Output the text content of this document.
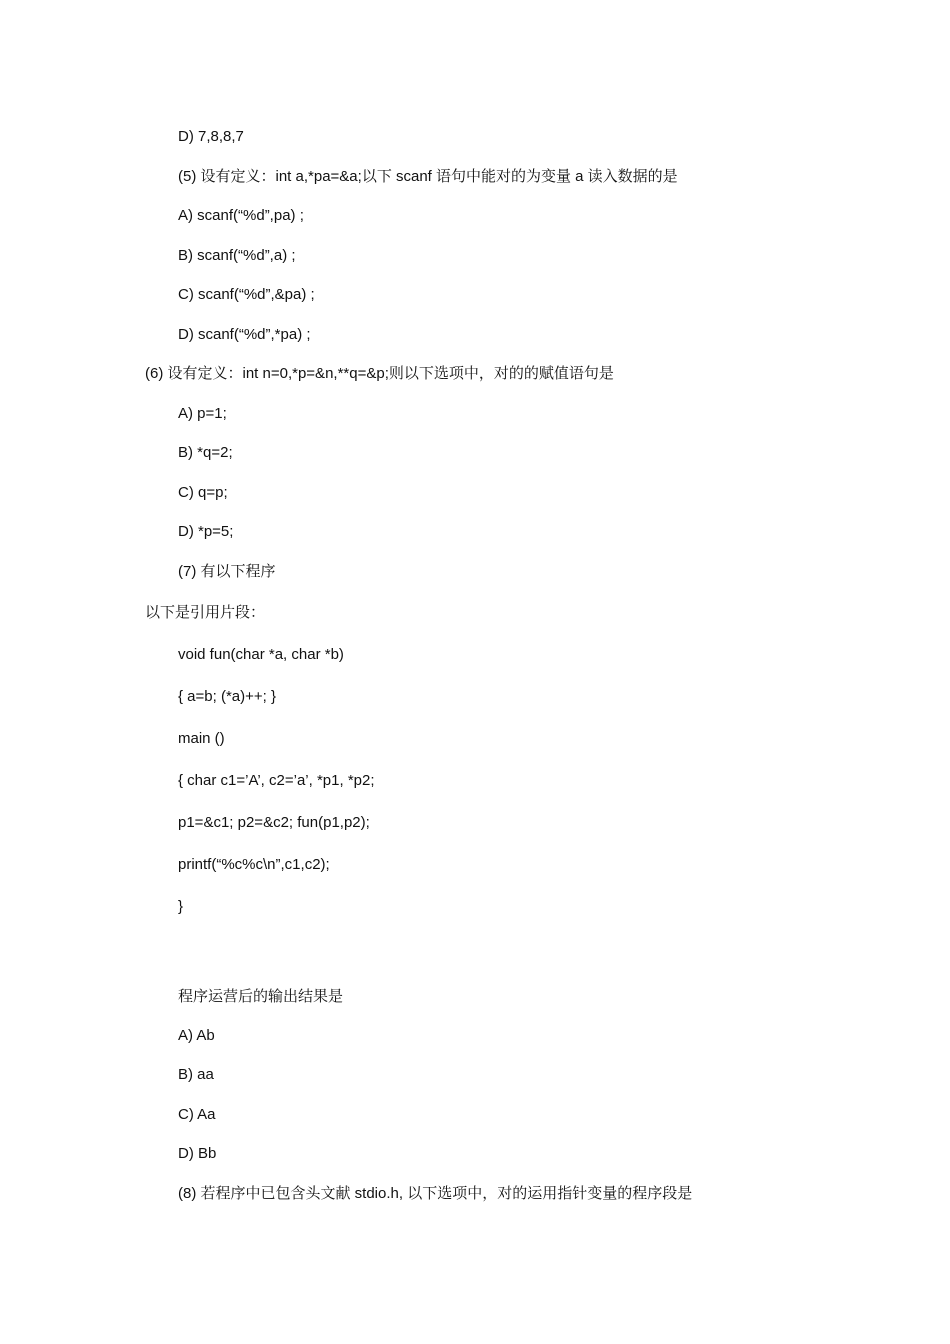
D) 7,8,8,7
(5) 设有定义：int a,*pa=&a;以下 scanf 语句中能对的为变量 a 读入数据的是
A) scanf(“%d”,pa) ;
B) scanf(“%d”,a) ;
C) scanf(“%d”,&pa) ;
D) scanf(“%d”,*pa) ;
(6) 设有定义：int n=0,*p=&n,**q=&p;则以下选项中，对的的赋值语句是
A) p=1;
B) *q=2;
C) q=p;
D) *p=5;
(7) 有以下程序
以下是引用片段：
void fun(char *a, char *b)
{ a=b; (*a)++; }
main ()
{ char c1=’A’, c2=’a’, *p1, *p2;
p1=&c1; p2=&c2; fun(p1,p2);
printf(“%c%c\n”,c1,c2);
}
程序运营后的输出结果是
A) Ab
B) aa
C) Aa
D) Bb
(8) 若程序中已包含头文献 stdio.h, 以下选项中，对的运用指针变量的程序段是
